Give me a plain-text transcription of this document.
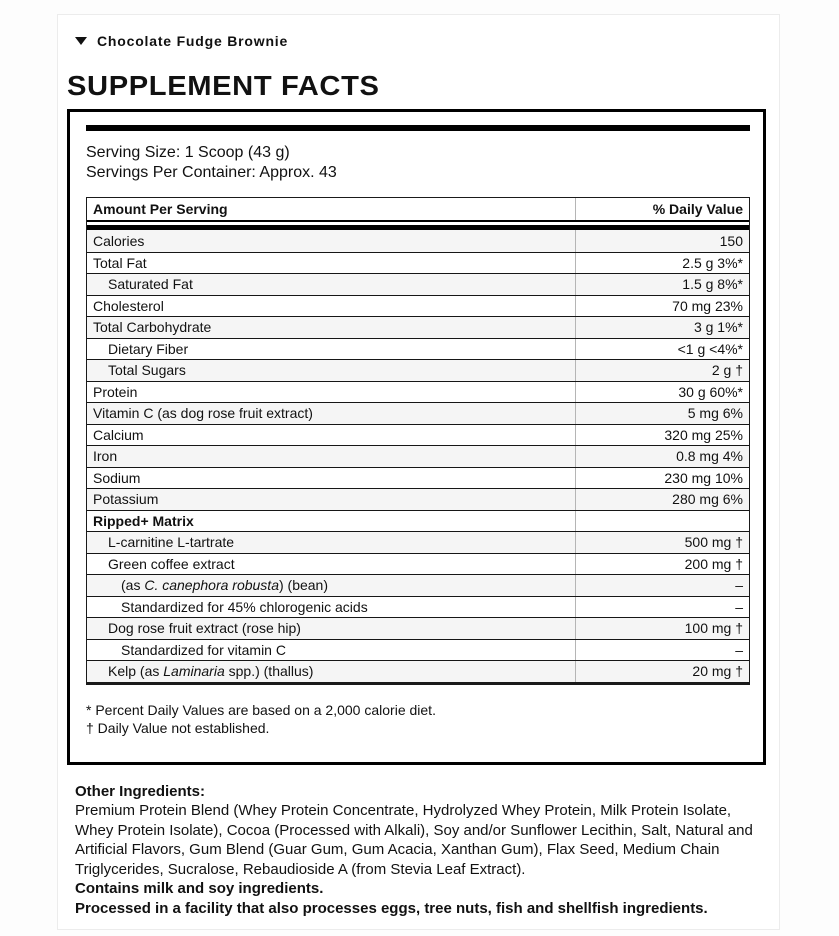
Chocolate Fudge Brownie
SUPPLEMENT FACTS
Serving Size: 1 Scoop (43 g)
Servings Per Container: Approx. 43
Amount Per Serving	% Daily Value
Calories	150
Total Fat	2.5 g 3%*
Saturated Fat	1.5 g 8%*
Cholesterol	70 mg 23%
Total Carbohydrate	3 g 1%*
Dietary Fiber	<1 g <4%*
Total Sugars	2 g †
Protein	30 g 60%*
Vitamin C (as dog rose fruit extract)	5 mg 6%
Calcium	320 mg 25%
Iron	0.8 mg 4%
Sodium	230 mg 10%
Potassium	280 mg 6%
Ripped+ Matrix
L-carnitine L-tartrate	500 mg †
Green coffee extract	200 mg †
(as C. canephora robusta) (bean)	–
Standardized for 45% chlorogenic acids	–
Dog rose fruit extract (rose hip)	100 mg †
Standardized for vitamin C	–
Kelp (as Laminaria spp.) (thallus)	20 mg †
* Percent Daily Values are based on a 2,000 calorie diet.
† Daily Value not established.
Other Ingredients:
Premium Protein Blend (Whey Protein Concentrate, Hydrolyzed Whey Protein, Milk Protein Isolate, Whey Protein Isolate), Cocoa (Processed with Alkali), Soy and/or Sunflower Lecithin, Salt, Natural and Artificial Flavors, Gum Blend (Guar Gum, Gum Acacia, Xanthan Gum), Flax Seed, Medium Chain Triglycerides, Sucralose, Rebaudioside A (from Stevia Leaf Extract).
Contains milk and soy ingredients.
Processed in a facility that also processes eggs, tree nuts, fish and shellfish ingredients.
